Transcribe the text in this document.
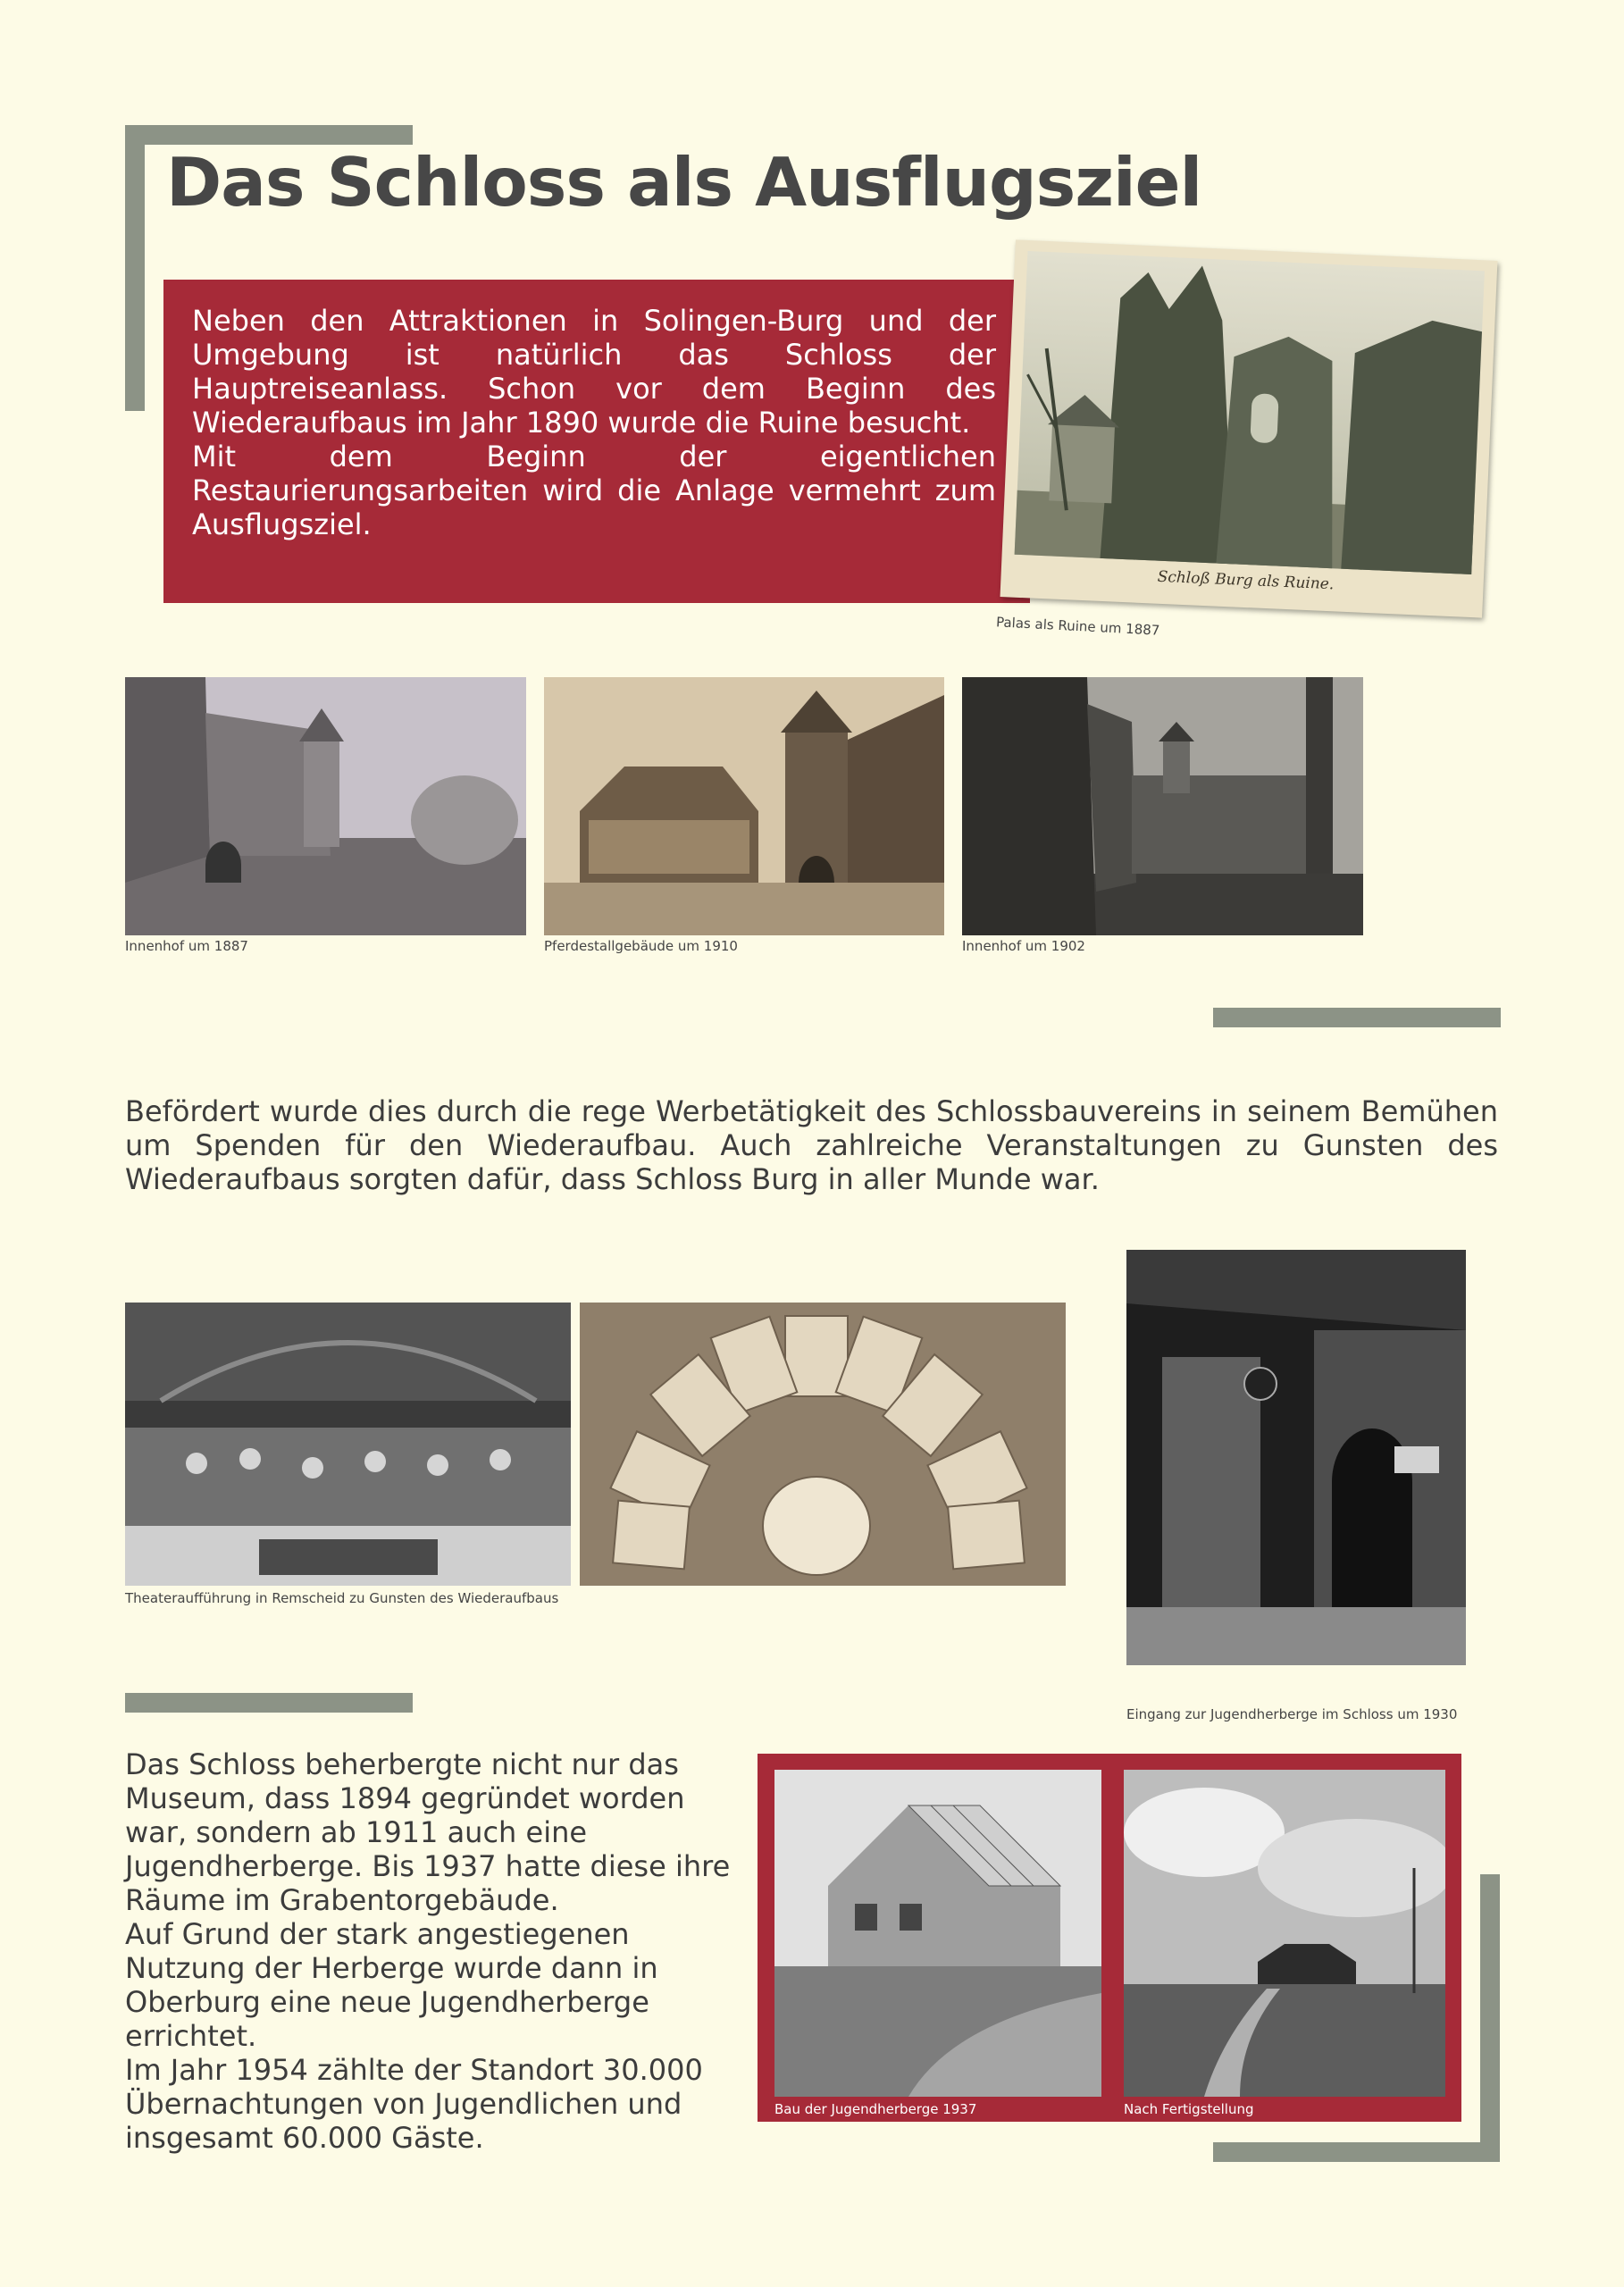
Das Schloss als Ausflugsziel
Neben den Attraktionen in Solingen-Burg und der Umgebung ist natürlich das Schloss der Hauptreiseanlass. Schon vor dem Beginn des Wiederaufbaus im Jahr 1890 wurde die Ruine besucht.
Mit dem Beginn der eigentlichen Restaurierungsarbeiten wird die Anlage vermehrt zum Ausflugsziel.
Schloß Burg als Ruine.
Palas als Ruine um 1887
Innenhof um 1887	Pferdestallgebäude um 1910	Innenhof um 1902

Befördert wurde dies durch die rege Werbetätigkeit des Schlossbauvereins in seinem Bemühen um Spenden für den Wiederaufbau. Auch zahlreiche Veranstaltungen zu Gunsten des Wiederaufbaus sorgten dafür, dass Schloss Burg in aller Munde war.

Theateraufführung in Remscheid zu Gunsten des Wiederaufbaus
Eingang zur Jugendherberge im Schloss um 1930
Das Schloss beherbergte nicht nur das Museum, dass 1894 gegründet worden war, sondern ab 1911 auch eine Jugendherberge. Bis 1937 hatte diese ihre Räume im Grabentorgebäude.
Auf Grund der stark angestiegenen Nutzung der Herberge wurde dann in Oberburg eine neue Jugendherberge errichtet.
Im Jahr 1954 zählte der Standort 30.000 Übernachtungen von Jugendlichen und insgesamt 60.000 Gäste.
Bau der Jugendherberge 1937	Nach Fertigstellung
